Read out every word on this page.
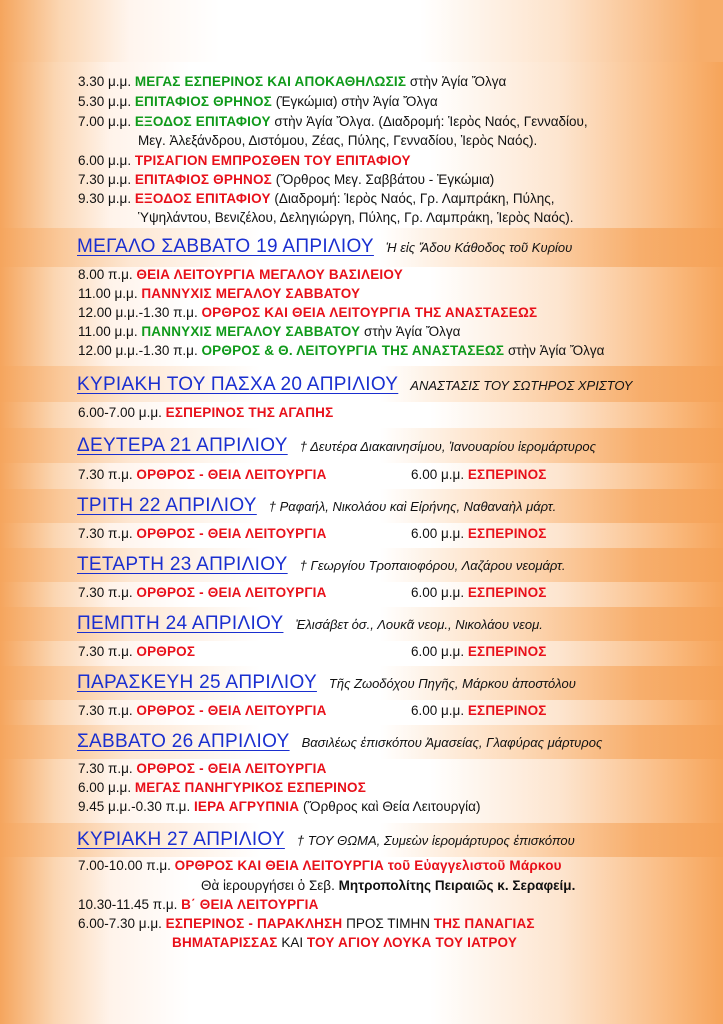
3.30 μ.μ. ΜΕΓΑΣ ΕΣΠΕΡΙΝΟΣ ΚΑΙ ΑΠΟΚΑΘΗΛΩΣΙΣ στὴν Ἁγία Ὄλγα
5.30 μ.μ. ΕΠΙΤΑΦΙΟΣ ΘΡΗΝΟΣ (Ἐγκώμια) στὴν Ἁγία Ὄλγα
7.00 μ.μ. ΕΞΟΔΟΣ ΕΠΙΤΑΦΙΟΥ στὴν Ἁγία Ὄλγα. (Διαδρομή: Ἱερὸς Ναός, Γενναδίου,
Μεγ. Ἀλεξάνδρου, Διστόμου, Ζέας, Πύλης, Γενναδίου, Ἱερὸς Ναός).
6.00 μ.μ. ΤΡΙΣΑΓΙΟΝ ΕΜΠΡΟΣΘΕΝ ΤΟΥ ΕΠΙΤΑΦΙΟΥ
7.30 μ.μ. ΕΠΙΤΑΦΙΟΣ ΘΡΗΝΟΣ (Ὄρθρος Μεγ. Σαββάτου - Ἐγκώμια)
9.30 μ.μ. ΕΞΟΔΟΣ ΕΠΙΤΑΦΙΟΥ (Διαδρομή: Ἱερὸς Ναός, Γρ. Λαμπράκη, Πύλης,
Ὑψηλάντου, Βενιζέλου, Δεληγιώργη, Πύλης, Γρ. Λαμπράκη, Ἱερὸς Ναός).
ΜΕΓΑΛΟ ΣΑΒΒΑΤΟ 19 ΑΠΡΙΛΙΟΥ Ἡ εἰς Ἅδου Κάθοδος τοῦ Κυρίου
8.00 π.μ. ΘΕΙΑ ΛΕΙΤΟΥΡΓΙΑ ΜΕΓΑΛΟΥ ΒΑΣΙΛΕΙΟΥ
11.00 μ.μ. ΠΑΝΝΥΧΙΣ ΜΕΓΑΛΟΥ ΣΑΒΒΑΤΟΥ
12.00 μ.μ.-1.30 π.μ. ΟΡΘΡΟΣ ΚΑΙ ΘΕΙΑ ΛΕΙΤΟΥΡΓΙΑ ΤΗΣ ΑΝΑΣΤΑΣΕΩΣ
11.00 μ.μ. ΠΑΝΝΥΧΙΣ ΜΕΓΑΛΟΥ ΣΑΒΒΑΤΟΥ στὴν Ἁγία Ὄλγα
12.00 μ.μ.-1.30 π.μ. ΟΡΘΡΟΣ & Θ. ΛΕΙΤΟΥΡΓΙΑ ΤΗΣ ΑΝΑΣΤΑΣΕΩΣ στὴν Ἁγία Ὄλγα
ΚΥΡΙΑΚΗ ΤΟΥ ΠΑΣΧΑ 20 ΑΠΡΙΛΙΟΥ ΑΝΑΣΤΑΣΙΣ ΤΟΥ ΣΩΤΗΡΟΣ ΧΡΙΣΤΟΥ
6.00-7.00 μ.μ. ΕΣΠΕΡΙΝΟΣ ΤΗΣ ΑΓΑΠΗΣ
ΔΕΥΤΕΡΑ 21 ΑΠΡΙΛΙΟΥ † Δευτέρα Διακαινησίμου, Ἰανουαρίου ἱερομάρτυρος
7.30 π.μ. ΟΡΘΡΟΣ - ΘΕΙΑ ΛΕΙΤΟΥΡΓΙΑ	6.00 μ.μ. ΕΣΠΕΡΙΝΟΣ
ΤΡΙΤΗ 22 ΑΠΡΙΛΙΟΥ † Ραφαήλ, Νικολάου καὶ Εἰρήνης, Ναθαναὴλ μάρτ.
7.30 π.μ. ΟΡΘΡΟΣ - ΘΕΙΑ ΛΕΙΤΟΥΡΓΙΑ	6.00 μ.μ. ΕΣΠΕΡΙΝΟΣ
ΤΕΤΑΡΤΗ 23 ΑΠΡΙΛΙΟΥ † Γεωργίου Τροπαιοφόρου, Λαζάρου νεομάρτ.
7.30 π.μ. ΟΡΘΡΟΣ - ΘΕΙΑ ΛΕΙΤΟΥΡΓΙΑ	6.00 μ.μ. ΕΣΠΕΡΙΝΟΣ
ΠΕΜΠΤΗ 24 ΑΠΡΙΛΙΟΥ Ἐλισάβετ ὁσ., Λουκᾶ νεομ., Νικολάου νεομ.
7.30 π.μ. ΟΡΘΡΟΣ	6.00 μ.μ. ΕΣΠΕΡΙΝΟΣ
ΠΑΡΑΣΚΕΥΗ 25 ΑΠΡΙΛΙΟΥ Τῆς Ζωοδόχου Πηγῆς, Μάρκου ἀποστόλου
7.30 π.μ. ΟΡΘΡΟΣ - ΘΕΙΑ ΛΕΙΤΟΥΡΓΙΑ	6.00 μ.μ. ΕΣΠΕΡΙΝΟΣ
ΣΑΒΒΑΤΟ 26 ΑΠΡΙΛΙΟΥ Βασιλέως ἐπισκόπου Ἀμασείας, Γλαφύρας μάρτυρος
7.30 π.μ. ΟΡΘΡΟΣ - ΘΕΙΑ ΛΕΙΤΟΥΡΓΙΑ
6.00 μ.μ. ΜΕΓΑΣ ΠΑΝΗΓΥΡΙΚΟΣ ΕΣΠΕΡΙΝΟΣ
9.45 μ.μ.-0.30 π.μ. ΙΕΡΑ ΑΓΡΥΠΝΙΑ (Ὄρθρος καὶ Θεία Λειτουργία)
ΚΥΡΙΑΚΗ 27 ΑΠΡΙΛΙΟΥ † ΤΟΥ ΘΩΜΑ, Συμεὼν ἱερομάρτυρος ἐπισκόπου
7.00-10.00 π.μ. ΟΡΘΡΟΣ ΚΑΙ ΘΕΙΑ ΛΕΙΤΟΥΡΓΙΑ τοῦ Εὐαγγελιστοῦ Μάρκου
Θὰ ἱερουργήσει ὁ Σεβ. Μητροπολίτης Πειραιῶς κ. Σεραφείμ.
10.30-11.45 π.μ. Β΄ ΘΕΙΑ ΛΕΙΤΟΥΡΓΙΑ
6.00-7.30 μ.μ. ΕΣΠΕΡΙΝΟΣ - ΠΑΡΑΚΛΗΣΗ ΠΡΟΣ ΤΙΜΗΝ ΤΗΣ ΠΑΝΑΓΙΑΣ
ΒΗΜΑΤΑΡΙΣΣΑΣ ΚΑΙ ΤΟΥ ΑΓΙΟΥ ΛΟΥΚΑ ΤΟΥ ΙΑΤΡΟΥ
